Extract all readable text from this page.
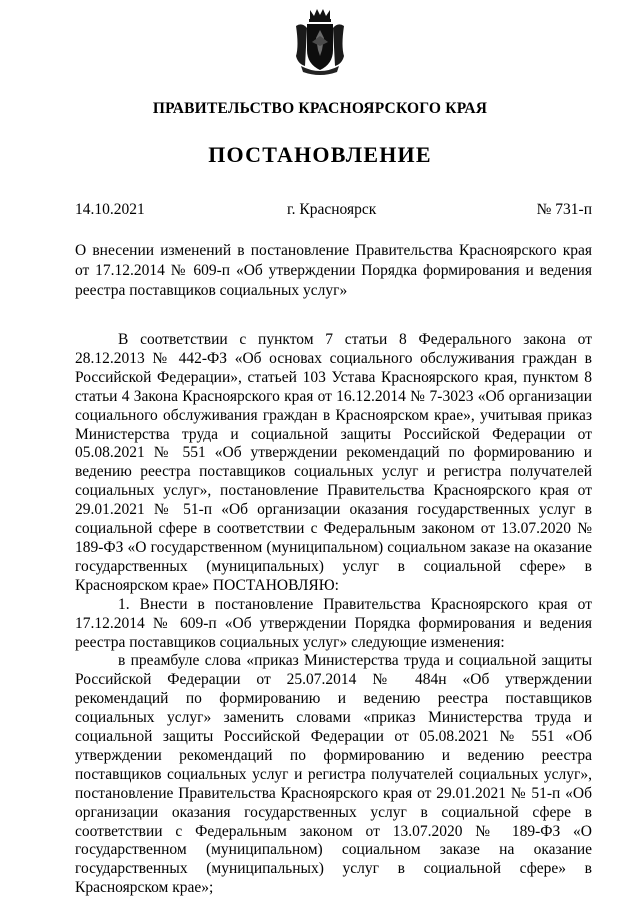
ПРАВИТЕЛЬСТВО КРАСНОЯРСКОГО КРАЯ
ПОСТАНОВЛЕНИЕ
14.10.2021	г. Красноярск	№ 731-п
О внесении изменений в постановление Правительства Красноярского края от 17.12.2014 № 609-п «Об утверждении Порядка формирования и ведения реестра поставщиков социальных услуг»

В соответствии с пунктом 7 статьи 8 Федерального закона от 28.12.2013 № 442-ФЗ «Об основах социального обслуживания граждан в Российской Федерации», статьей 103 Устава Красноярского края, пунктом 8 статьи 4 Закона Красноярского края от 16.12.2014 № 7-3023 «Об организации социального обслуживания граждан в Красноярском крае», учитывая приказ Министерства труда и социальной защиты Российской Федерации от 05.08.2021 № 551 «Об утверждении рекомендаций по формированию и ведению реестра поставщиков социальных услуг и регистра получателей социальных услуг», постановление Правительства Красноярского края от 29.01.2021 № 51-п «Об организации оказания государственных услуг в социальной сфере в соответствии с Федеральным законом от 13.07.2020 № 189-ФЗ «О государственном (муниципальном) социальном заказе на оказание государственных (муниципальных) услуг в социальной сфере» в Красноярском крае» ПОСТАНОВЛЯЮ:

1. Внести в постановление Правительства Красноярского края от 17.12.2014 № 609-п «Об утверждении Порядка формирования и ведения реестра поставщиков социальных услуг» следующие изменения:

в преамбуле слова «приказ Министерства труда и социальной защиты Российской Федерации от 25.07.2014 № 484н «Об утверждении рекомендаций по формированию и ведению реестра поставщиков социальных услуг» заменить словами «приказ Министерства труда и социальной защиты Российской Федерации от 05.08.2021 № 551 «Об утверждении рекомендаций по формированию и ведению реестра поставщиков социальных услуг и регистра получателей социальных услуг», постановление Правительства Красноярского края от 29.01.2021 № 51-п «Об организации оказания государственных услуг в социальной сфере в соответствии с Федеральным законом от 13.07.2020 № 189-ФЗ «О государственном (муниципальном) социальном заказе на оказание государственных (муниципальных) услуг в социальной сфере» в Красноярском крае»;
